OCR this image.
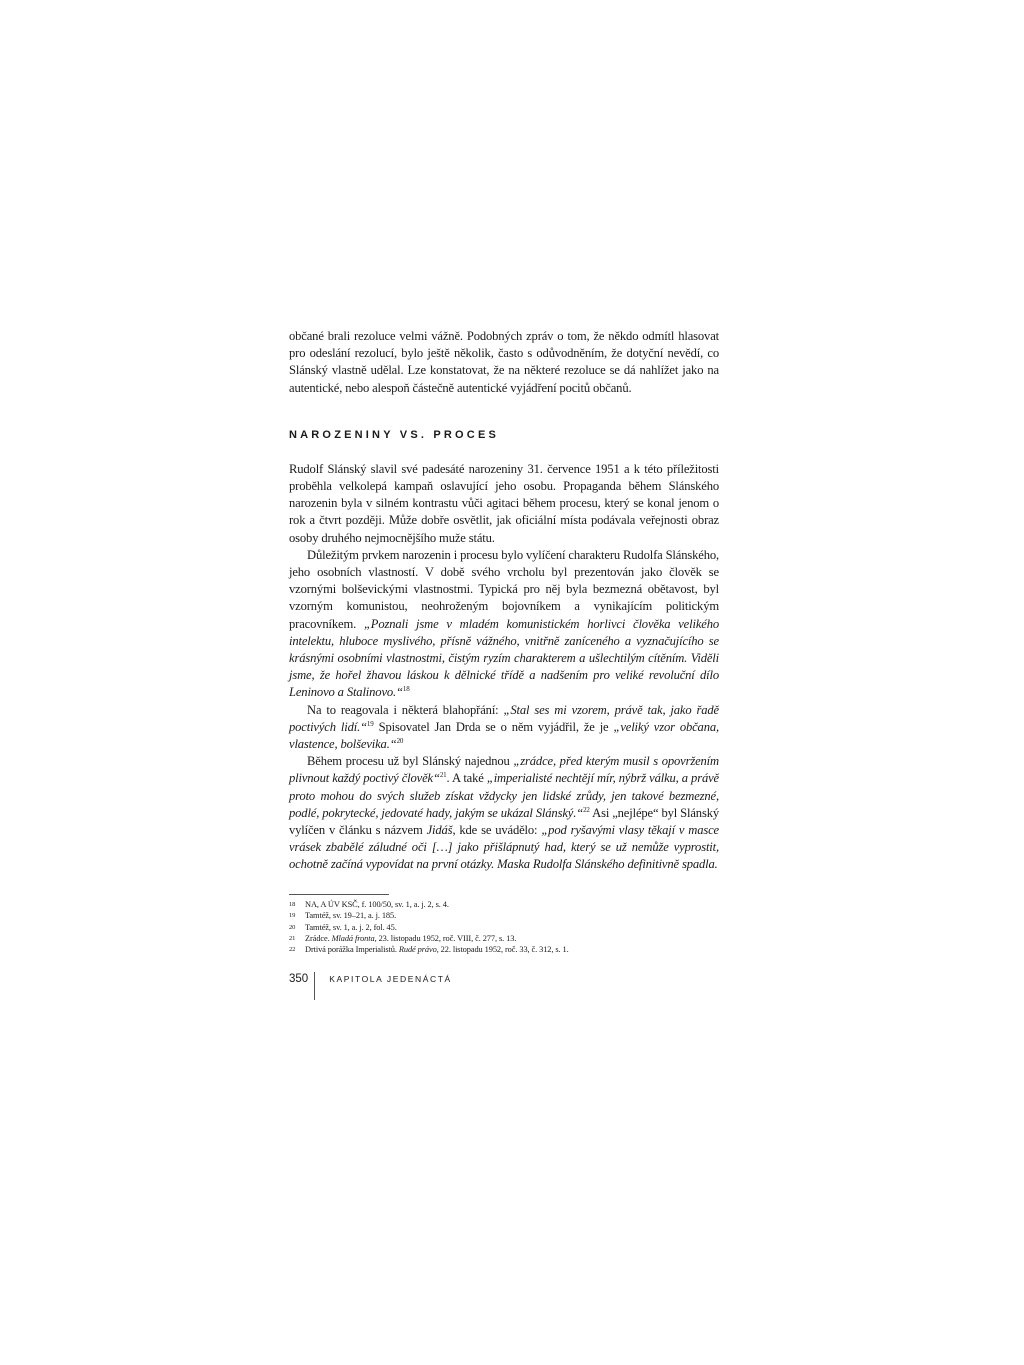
občané brali rezoluce velmi vážně. Podobných zpráv o tom, že někdo odmítl hlasovat pro odeslání rezolucí, bylo ještě několik, často s odůvodněním, že dotyční nevědí, co Slánský vlastně udělal. Lze konstatovat, že na některé rezoluce se dá nahlížet jako na autentické, nebo alespoň částečně autentické vyjádření pocitů občanů.

NAROZENINY VS. PROCES

Rudolf Slánský slavil své padesáté narozeniny 31. července 1951 a k této příležitosti proběhla velkolepá kampaň oslavující jeho osobu. Propaganda během Slánského narozenin byla v silném kontrastu vůči agitaci během procesu, který se konal jenom o rok a čtvrt později. Může dobře osvětlit, jak oficiální místa podávala veřejnosti obraz osoby druhého nejmocnějšího muže státu.

Důležitým prvkem narozenin i procesu bylo vylíčení charakteru Rudolfa Slánského, jeho osobních vlastností. V době svého vrcholu byl prezentován jako člověk se vzornými bolševickými vlastnostmi. Typická pro něj byla bezmezná obětavost, byl vzorným komunistou, neohroženým bojovníkem a vynikajícím politickým pracovníkem. „Poznali jsme v mladém komunistickém horlivci člověka velikého intelektu, hluboce myslivého, přísně vážného, vnitřně zaníceného a vyznačujícího se krásnými osobními vlastnostmi, čistým ryzím charakterem a ušlechtilým cítěním. Viděli jsme, že hořel žhavou láskou k dělnické třídě a nadšením pro veliké revoluční dílo Leninovo a Stalinovo.“$^{18}$

Na to reagovala i některá blahopřání: „Stal ses mi vzorem, právě tak, jako řadě poctivých lidí.“$^{19}$ Spisovatel Jan Drda se o něm vyjádřil, že je „veliký vzor občana, vlastence, bolševika.“$^{20}$

Během procesu už byl Slánský najednou „zrádce, před kterým musil s opovržením plivnout každý poctivý člověk“$^{21}$. A také „imperialisté nechtějí mír, nýbrž válku, a právě proto mohou do svých služeb získat vždycky jen lidské zrůdy, jen takové bezmezné, podlé, pokrytecké, jedovaté hady, jakým se ukázal Slánský.“$^{22}$ Asi „nejlépe“ byl Slánský vylíčen v článku s názvem Jidáš, kde se uvádělo: „pod ryšavými vlasy těkají v masce vrásek zbabělé záludné oči […] jako přišlápnutý had, který se už nemůže vyprostit, ochotně začíná vypovídat na první otázky. Maska Rudolfa Slánského definitivně spadla.

18 NA, A ÚV KSČ, f. 100/50, sv. 1, a. j. 2, s. 4.

19 Tamtéž, sv. 19–21, a. j. 185.

20 Tamtéž, sv. 1, a. j. 2, fol. 45.

21 Zrádce. Mladá fronta, 23. listopadu 1952, roč. VIII, č. 277, s. 13.

22 Drtivá porážka Imperialistů. Rudé právo, 22. listopadu 1952, roč. 33, č. 312, s. 1.

350	KAPITOLA JEDENÁCTÁ
